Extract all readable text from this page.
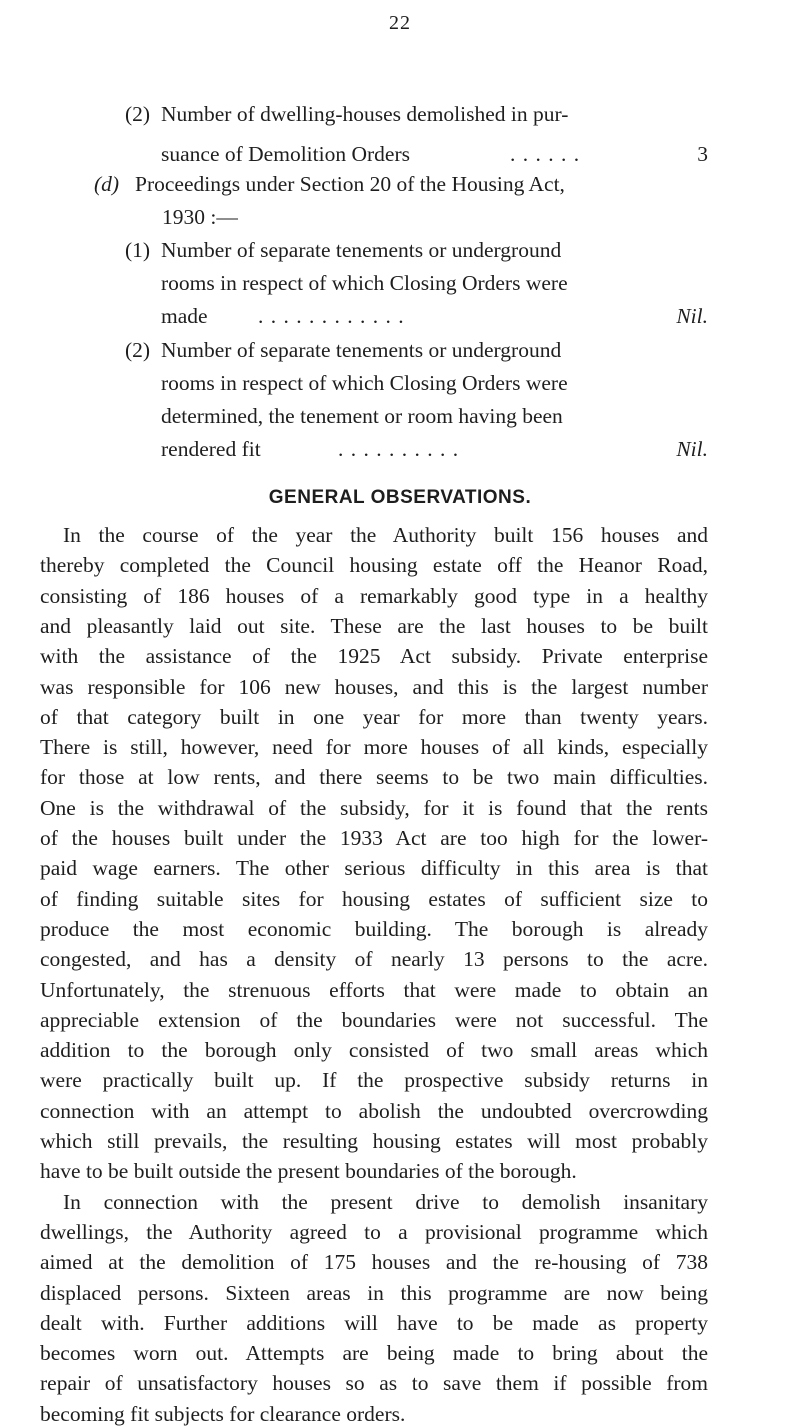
22
(2) Number of dwelling-houses demolished in pur-
suance of Demolition Orders	. . . . . .	3
(d) Proceedings under Section 20 of the Housing Act,
1930 :—
(1) Number of separate tenements or underground
rooms in respect of which Closing Orders were
made . . . . . . . . . . . .	Nil.
(2) Number of separate tenements or underground
rooms in respect of which Closing Orders were
determined, the tenement or room having been
rendered fit	. . . . . . . . . .	Nil.
GENERAL OBSERVATIONS.
In the course of the year the Authority built 156 houses and
thereby completed the Council housing estate off the Heanor Road,
consisting of 186 houses of a remarkably good type in a healthy
and pleasantly laid out site. These are the last houses to be built
with the assistance of the 1925 Act subsidy. Private enterprise
was responsible for 106 new houses, and this is the largest number
of that category built in one year for more than twenty years.
There is still, however, need for more houses of all kinds, especially
for those at low rents, and there seems to be two main difficulties.
One is the withdrawal of the subsidy, for it is found that the rents
of the houses built under the 1933 Act are too high for the lower-
paid wage earners. The other serious difficulty in this area is that
of finding suitable sites for housing estates of sufficient size to
produce the most economic building. The borough is already
congested, and has a density of nearly 13 persons to the acre.
Unfortunately, the strenuous efforts that were made to obtain an
appreciable extension of the boundaries were not successful. The
addition to the borough only consisted of two small areas which
were practically built up. If the prospective subsidy returns in
connection with an attempt to abolish the undoubted overcrowding
which still prevails, the resulting housing estates will most probably
have to be built outside the present boundaries of the borough.
In connection with the present drive to demolish insanitary
dwellings, the Authority agreed to a provisional programme which
aimed at the demolition of 175 houses and the re-housing of 738
displaced persons. Sixteen areas in this programme are now being
dealt with. Further additions will have to be made as property
becomes worn out. Attempts are being made to bring about the
repair of unsatisfactory houses so as to save them if possible from
becoming fit subjects for clearance orders.
